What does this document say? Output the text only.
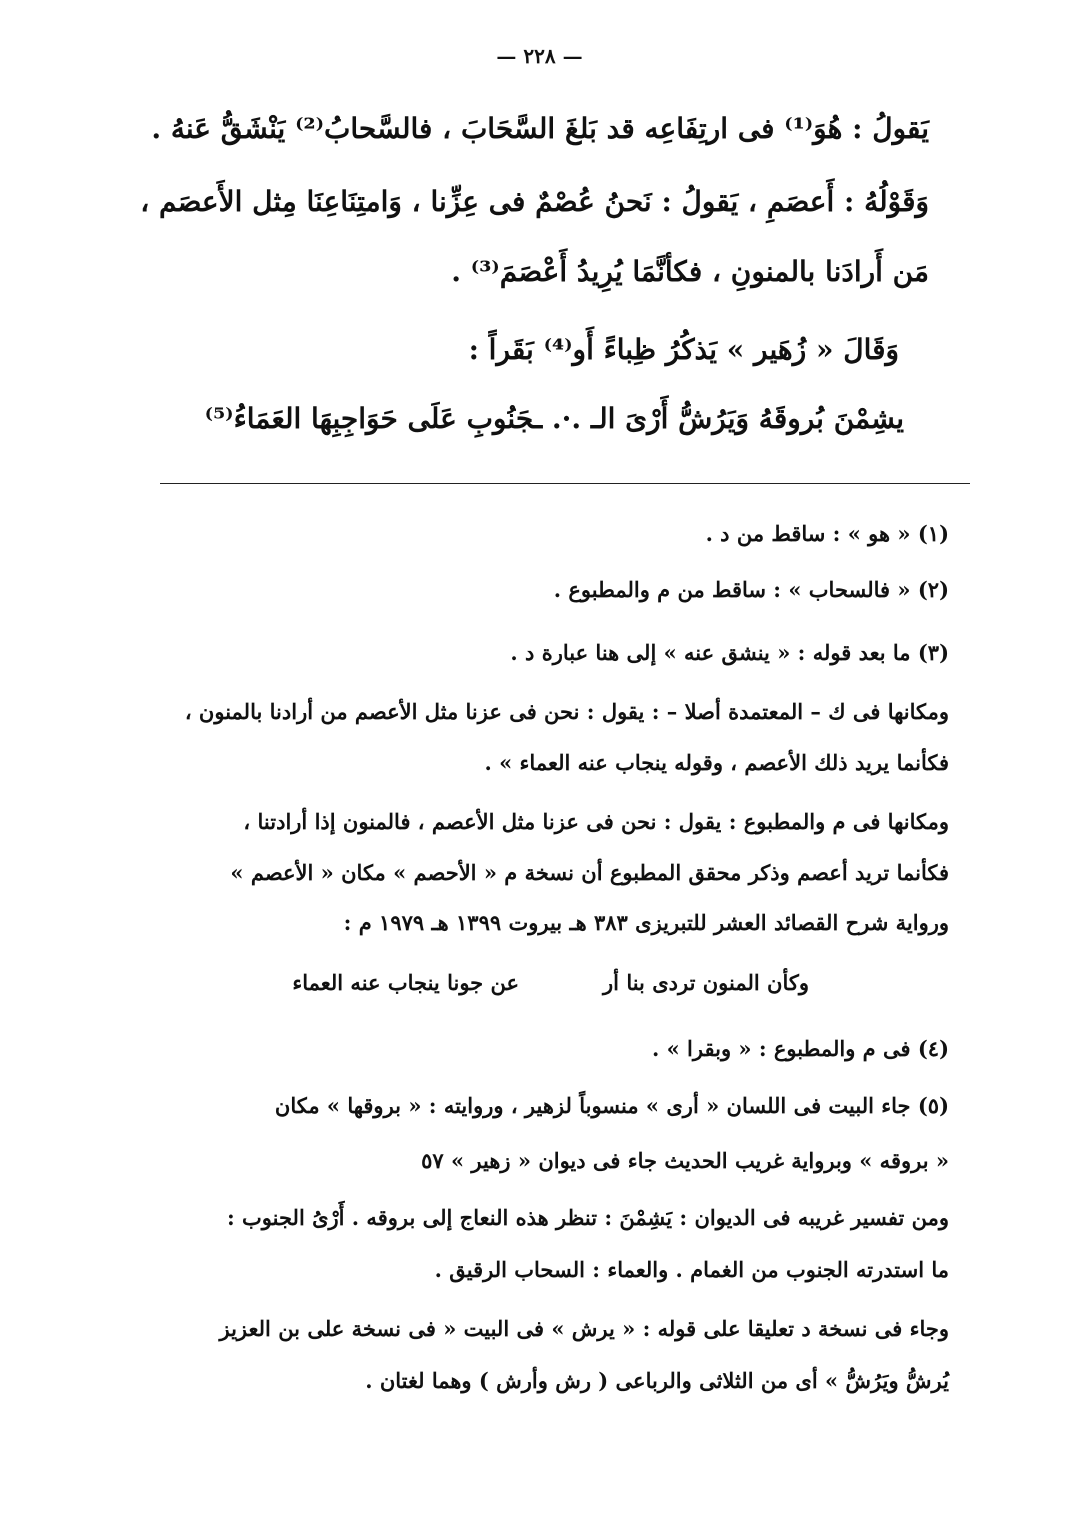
— ٢٢٨ —
يَقولُ : هُوَ⁽¹⁾ فى ارتِفَاعِه قد بَلغَ السَّحَابَ ، فالسَّحابُ⁽²⁾ يَنْشَقُّ عَنهُ .
وَقَوْلُهُ : أَعصَمِ ، يَقولُ : نَحنُ عُصْمٌ فى عِزِّنا ، وَامتِنَاعِنَا مِثل الأَعصَم ،
مَن أَرادَنا بالمنونِ ، فكأنَّمَا يُرِيدُ أَعْصَمَ⁽³⁾ .
وَقَالَ « زُهَير » يَذكُرُ ظِباءً أَو⁽⁴⁾ بَقَراً :
يشِمْنَ بُروقَهُ وَيَرُشُّ أَرْىَ الـ .·. ـجَنُوبِ عَلَى حَوَاجِبِهَا العَمَاءُ⁽⁵⁾
(١) « هو » : ساقط من د .
(٢) « فالسحاب » : ساقط من م والمطبوع .
(٣) ما بعد قوله : « ينشق عنه » إلى هنا عبارة د .
ومكانها فى ك – المعتمدة أصلا – : يقول : نحن فى عزنا مثل الأعصم من أرادنا بالمنون ،
فكأنما يريد ذلك الأعصم ، وقوله ينجاب عنه العماء » .
ومكانها فى م والمطبوع : يقول : نحن فى عزنا مثل الأعصم ، فالمنون إذا أرادتنا ،
فكأنما تريد أعصم وذكر محقق المطبوع أن نسخة م « الأحصم » مكان « الأعصم »
ورواية شرح القصائد العشر للتبريزى ٣٨٣ هـ بيروت ١٣٩٩ هـ ١٩٧٩ م :
وكأن المنون تردى بنا أر
عن جونا ينجاب عنه العماء
(٤) فى م والمطبوع : « وبقرا » .
(٥) جاء البيت فى اللسان « أرى » منسوباً لزهير ، وروايته : « بروقها » مكان
« بروقه » وبرواية غريب الحديث جاء فى ديوان « زهير » ٥٧
ومن تفسير غريبه فى الديوان : يَشِمْنَ : تنظر هذه النعاج إلى بروقه . أَرْىُ الجنوب :
ما استدرته الجنوب من الغمام . والعماء : السحاب الرقيق .
وجاء فى نسخة د تعليقا على قوله : « يرش » فى البيت « فى نسخة على بن العزيز
يُرشُّ ويَرُشُّ » أى من الثلاثى والرباعى ( رش وأرش ) وهما لغتان .
